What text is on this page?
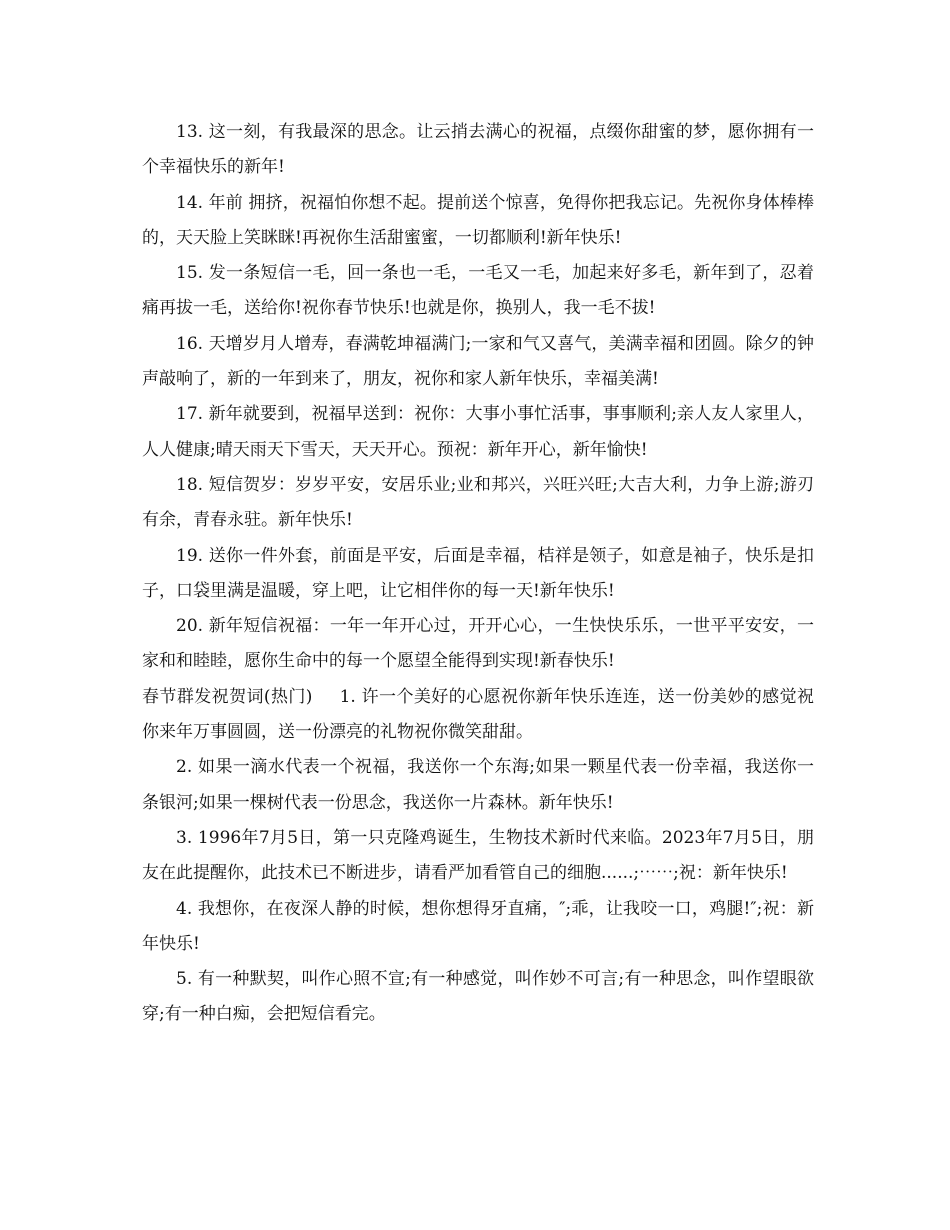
13. 这一刻，有我最深的思念。让云捎去满心的祝福，点缀你甜蜜的梦，愿你拥有一个幸福快乐的新年!

14. 年前 拥挤，祝福怕你想不起。提前送个惊喜，免得你把我忘记。先祝你身体棒棒的，天天脸上笑眯眯!再祝你生活甜蜜蜜，一切都顺利!新年快乐!

15. 发一条短信一毛，回一条也一毛，一毛又一毛，加起来好多毛，新年到了，忍着痛再拔一毛，送给你!祝你春节快乐!也就是你，换别人，我一毛不拔!

16. 天增岁月人增寿，春满乾坤福满门;一家和气又喜气，美满幸福和团圆。除夕的钟声敲响了，新的一年到来了，朋友，祝你和家人新年快乐，幸福美满!

17. 新年就要到，祝福早送到：祝你：大事小事忙活事，事事顺利;亲人友人家里人，人人健康;晴天雨天下雪天，天天开心。预祝：新年开心，新年愉快!

18. 短信贺岁：岁岁平安，安居乐业;业和邦兴，兴旺兴旺;大吉大利，力争上游;游刃有余，青春永驻。新年快乐!

19. 送你一件外套，前面是平安，后面是幸福，桔祥是领子，如意是袖子，快乐是扣子，口袋里满是温暖，穿上吧，让它相伴你的每一天!新年快乐!

20. 新年短信祝福：一年一年开心过，开开心心，一生快快乐乐，一世平平安安，一家和和睦睦，愿你生命中的每一个愿望全能得到实现!新春快乐!

春节群发祝贺词(热门) 1. 许一个美好的心愿祝你新年快乐连连，送一份美妙的感觉祝你来年万事圆圆，送一份漂亮的礼物祝你微笑甜甜。

2. 如果一滴水代表一个祝福，我送你一个东海;如果一颗星代表一份幸福，我送你一条银河;如果一棵树代表一份思念，我送你一片森林。新年快乐!

3. 1996年7月5日，第一只克隆鸡诞生，生物技术新时代来临。2023年7月5日，朋友在此提醒你，此技术已不断进步，请看严加看管自己的细胞......;⋯⋯;祝：新年快乐!

4. 我想你，在夜深人静的时候，想你想得牙直痛，″;乖，让我咬一口，鸡腿!″;祝：新年快乐!

5. 有一种默契，叫作心照不宣;有一种感觉，叫作妙不可言;有一种思念，叫作望眼欲穿;有一种白痴，会把短信看完。
